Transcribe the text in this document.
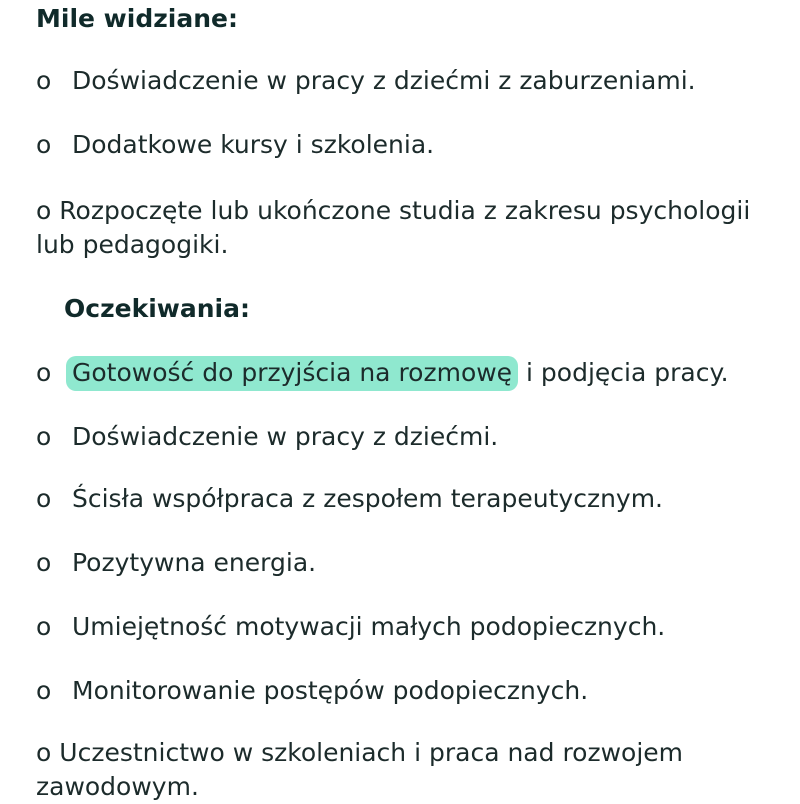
Mile widziane:
o Doświadczenie w pracy z dziećmi z zaburzeniami.
o Dodatkowe kursy i szkolenia.
o Rozpoczęte lub ukończone studia z zakresu psychologii lub pedagogiki.
Oczekiwania:
o Gotowość do przyjścia na rozmowę i podjęcia pracy.
o Doświadczenie w pracy z dziećmi.
o Ścisła współpraca z zespołem terapeutycznym.
o Pozytywna energia.
o Umiejętność motywacji małych podopiecznych.
o Monitorowanie postępów podopiecznych.
o Uczestnictwo w szkoleniach i praca nad rozwojem zawodowym.
